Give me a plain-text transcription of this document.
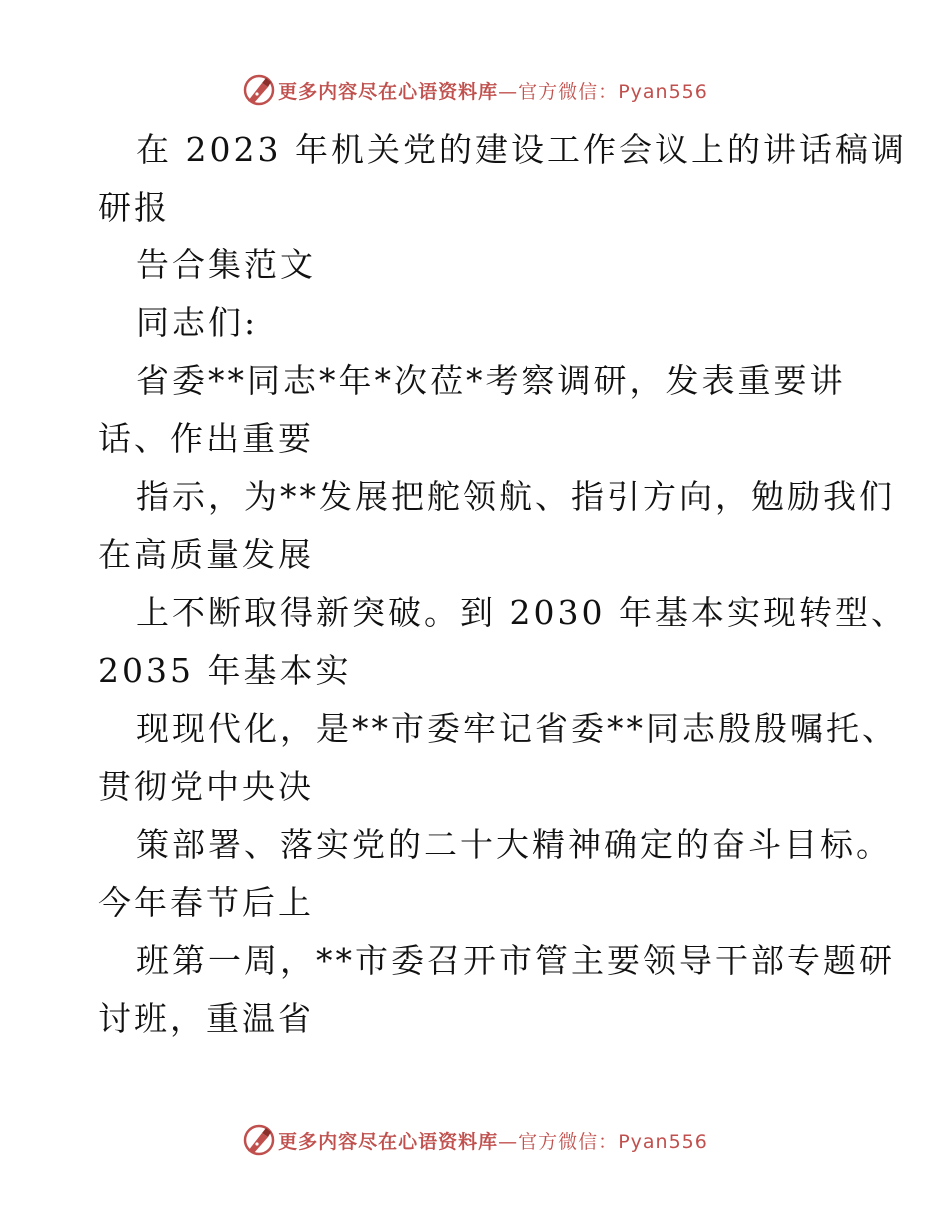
更多内容尽在心语资料库—官方微信：Pyan556
在 2023 年机关党的建设工作会议上的讲话稿调
研报
告合集范文
同志们:
省委**同志*年*次莅*考察调研，发表重要讲
话、作出重要
指示，为**发展把舵领航、指引方向，勉励我们
在高质量发展
上不断取得新突破。到 2030 年基本实现转型、
2035 年基本实
现现代化，是**市委牢记省委**同志殷殷嘱托、
贯彻党中央决
策部署、落实党的二十大精神确定的奋斗目标。
今年春节后上
班第一周，**市委召开市管主要领导干部专题研
讨班，重温省
更多内容尽在心语资料库—官方微信：Pyan556
